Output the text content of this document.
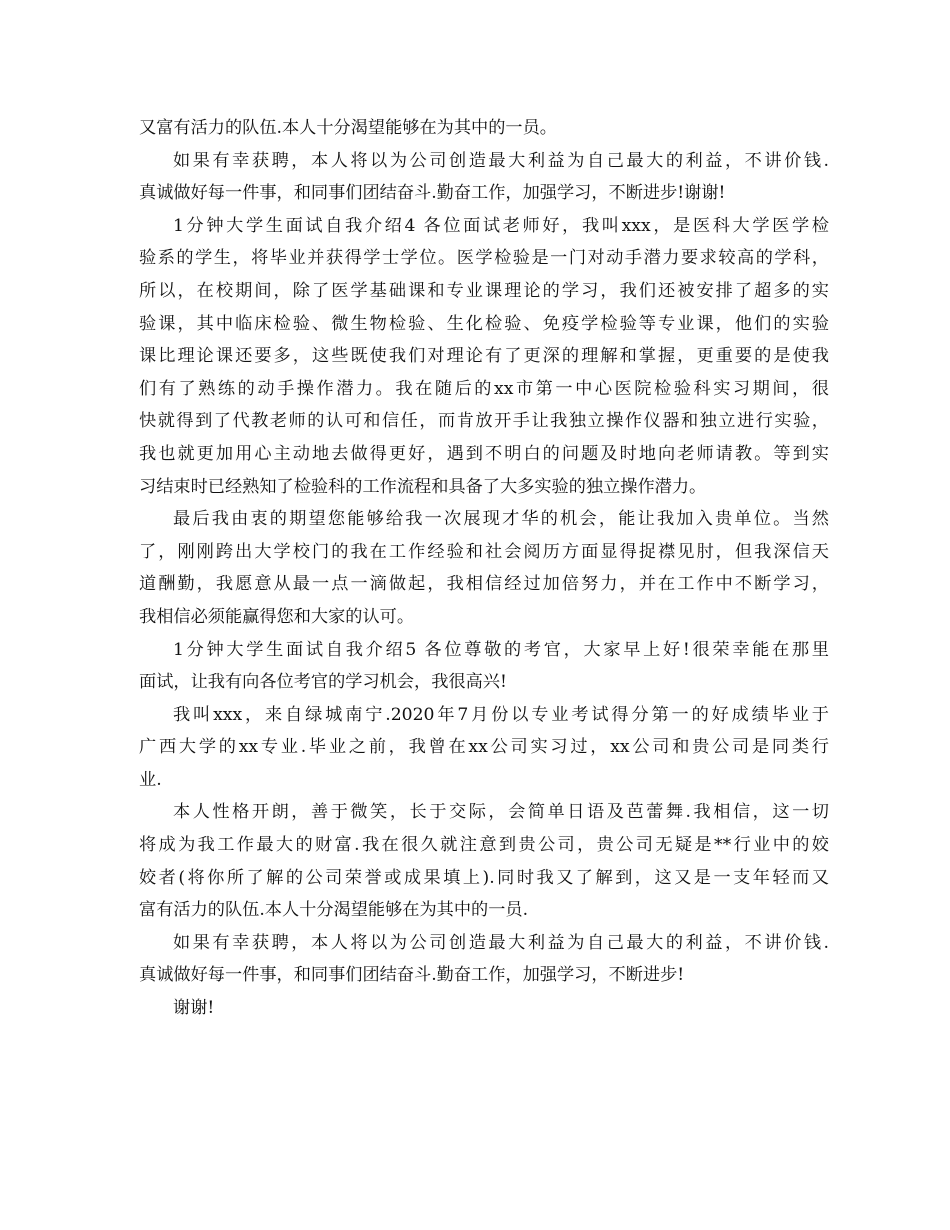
又富有活力的队伍.本人十分渴望能够在为其中的一员。
如果有幸获聘，本人将以为公司创造最大利益为自己最大的利益，不讲价钱.
真诚做好每一件事，和同事们团结奋斗.勤奋工作，加强学习，不断进步!谢谢!
1分钟大学生面试自我介绍4 各位面试老师好，我叫xxx，是医科大学医学检
验系的学生，将毕业并获得学士学位。医学检验是一门对动手潜力要求较高的学科，
所以，在校期间，除了医学基础课和专业课理论的学习，我们还被安排了超多的实
验课，其中临床检验、微生物检验、生化检验、免疫学检验等专业课，他们的实验
课比理论课还要多，这些既使我们对理论有了更深的理解和掌握，更重要的是使我
们有了熟练的动手操作潜力。我在随后的xx市第一中心医院检验科实习期间，很
快就得到了代教老师的认可和信任，而肯放开手让我独立操作仪器和独立进行实验，
我也就更加用心主动地去做得更好，遇到不明白的问题及时地向老师请教。等到实
习结束时已经熟知了检验科的工作流程和具备了大多实验的独立操作潜力。
最后我由衷的期望您能够给我一次展现才华的机会，能让我加入贵单位。当然
了，刚刚跨出大学校门的我在工作经验和社会阅历方面显得捉襟见肘，但我深信天
道酬勤，我愿意从最一点一滴做起，我相信经过加倍努力，并在工作中不断学习，
我相信必须能赢得您和大家的认可。
1分钟大学生面试自我介绍5 各位尊敬的考官，大家早上好!很荣幸能在那里
面试，让我有向各位考官的学习机会，我很高兴!
我叫xxx，来自绿城南宁.2020年7月份以专业考试得分第一的好成绩毕业于
广西大学的xx专业.毕业之前，我曾在xx公司实习过，xx公司和贵公司是同类行
业.
本人性格开朗，善于微笑，长于交际，会简单日语及芭蕾舞.我相信，这一切
将成为我工作最大的财富.我在很久就注意到贵公司，贵公司无疑是**行业中的姣
姣者(将你所了解的公司荣誉或成果填上).同时我又了解到，这又是一支年轻而又
富有活力的队伍.本人十分渴望能够在为其中的一员.
如果有幸获聘，本人将以为公司创造最大利益为自己最大的利益，不讲价钱.
真诚做好每一件事，和同事们团结奋斗.勤奋工作，加强学习，不断进步!
谢谢!
